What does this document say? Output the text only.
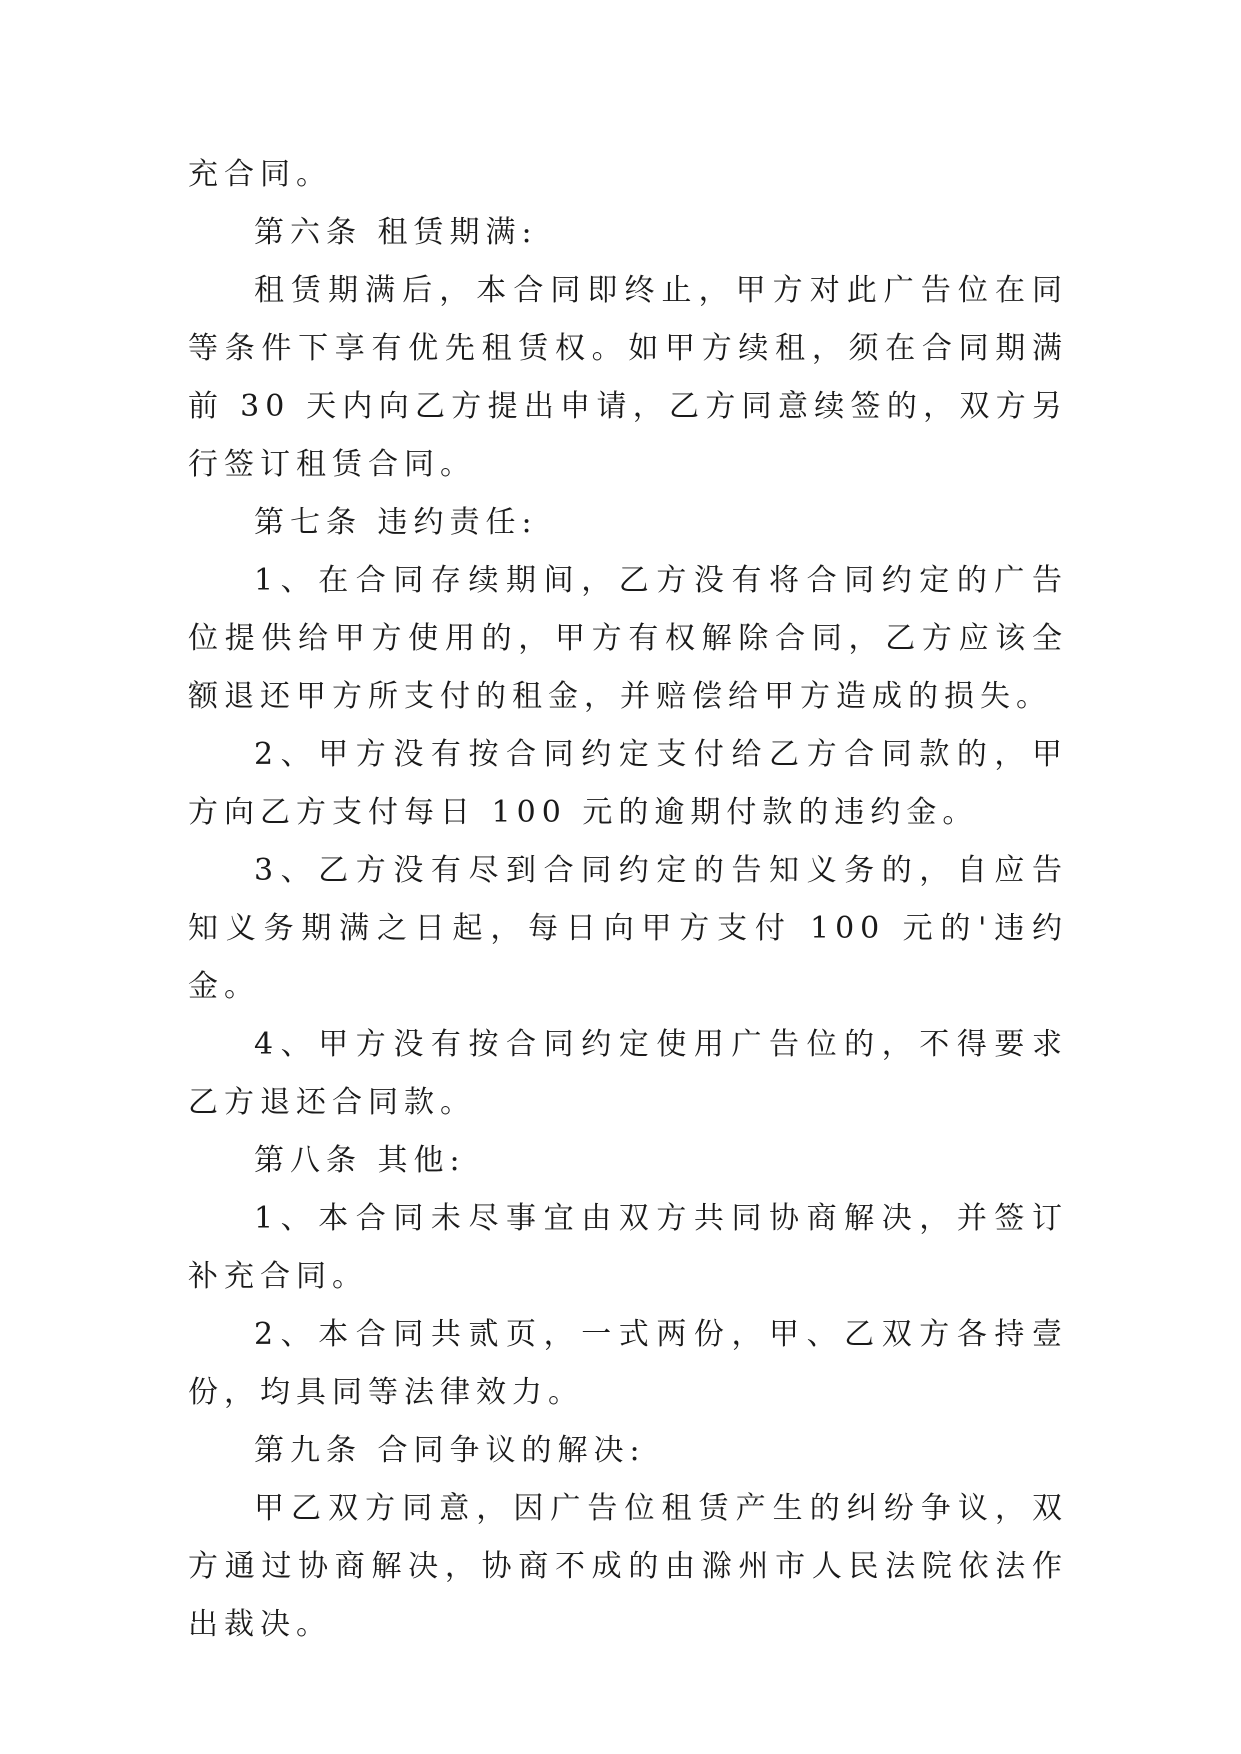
充合同。

第六条 租赁期满:

租赁期满后，本合同即终止，甲方对此广告位在同等条件下享有优先租赁权。如甲方续租，须在合同期满前 30 天内向乙方提出申请，乙方同意续签的，双方另行签订租赁合同。

第七条 违约责任:

1、在合同存续期间，乙方没有将合同约定的广告位提供给甲方使用的，甲方有权解除合同，乙方应该全额退还甲方所支付的租金，并赔偿给甲方造成的损失。

2、甲方没有按合同约定支付给乙方合同款的，甲方向乙方支付每日 100 元的逾期付款的违约金。

3、乙方没有尽到合同约定的告知义务的，自应告知义务期满之日起，每日向甲方支付 100 元的'违约金。

4、甲方没有按合同约定使用广告位的，不得要求乙方退还合同款。

第八条 其他:

1、本合同未尽事宜由双方共同协商解决，并签订补充合同。

2、本合同共贰页，一式两份，甲、乙双方各持壹份，均具同等法律效力。

第九条 合同争议的解决:

甲乙双方同意，因广告位租赁产生的纠纷争议，双方通过协商解决，协商不成的由滁州市人民法院依法作出裁决。
